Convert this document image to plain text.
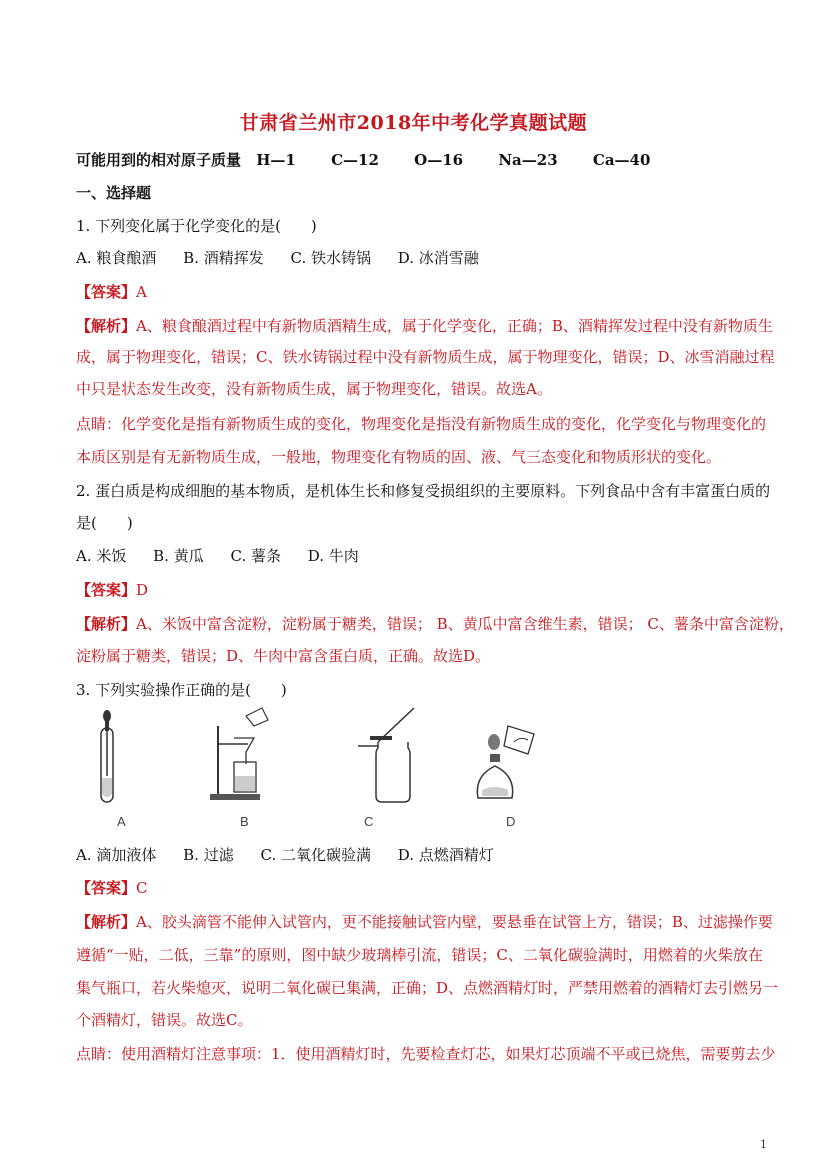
甘肃省兰州市2018年中考化学真题试题
可能用到的相对原子质量 H—1 C—12 O—16 Na—23 Ca—40
一、选择题
1. 下列变化属于化学变化的是(　　)
A. 粮食酿酒 B. 酒精挥发 C. 铁水铸锅 D. 冰消雪融
【答案】A
【解析】A、粮食酿酒过程中有新物质酒精生成，属于化学变化，正确；B、酒精挥发过程中没有新物质生
成，属于物理变化，错误；C、铁水铸锅过程中没有新物质生成，属于物理变化，错误；D、冰雪消融过程
中只是状态发生改变，没有新物质生成，属于物理变化，错误。故选A。
点睛：化学变化是指有新物质生成的变化，物理变化是指没有新物质生成的变化，化学变化与物理变化的
本质区别是有无新物质生成，一般地，物理变化有物质的固、液、气三态变化和物质形状的变化。
2. 蛋白质是构成细胞的基本物质，是机体生长和修复受损组织的主要原料。下列食品中含有丰富蛋白质的
是(　　)
A. 米饭 B. 黄瓜 C. 薯条 D. 牛肉
【答案】D
【解析】A、米饭中富含淀粉，淀粉属于糖类，错误； B、黄瓜中富含维生素，错误； C、薯条中富含淀粉，
淀粉属于糖类，错误；D、牛肉中富含蛋白质，正确。故选D。
3. 下列实验操作正确的是(　　)
A	B	C	D
A. 滴加液体 B. 过滤 C. 二氧化碳验满 D. 点燃酒精灯
【答案】C
【解析】A、胶头滴管不能伸入试管内，更不能接触试管内壁，要悬垂在试管上方，错误；B、过滤操作要
遵循“一贴，二低，三靠”的原则，图中缺少玻璃棒引流，错误；C、二氧化碳验满时，用燃着的火柴放在
集气瓶口，若火柴熄灭，说明二氧化碳已集满，正确；D、点燃酒精灯时，严禁用燃着的酒精灯去引燃另一
个酒精灯，错误。故选C。
点睛：使用酒精灯注意事项：1．使用酒精灯时，先要检查灯芯，如果灯芯顶端不平或已烧焦，需要剪去少
1
